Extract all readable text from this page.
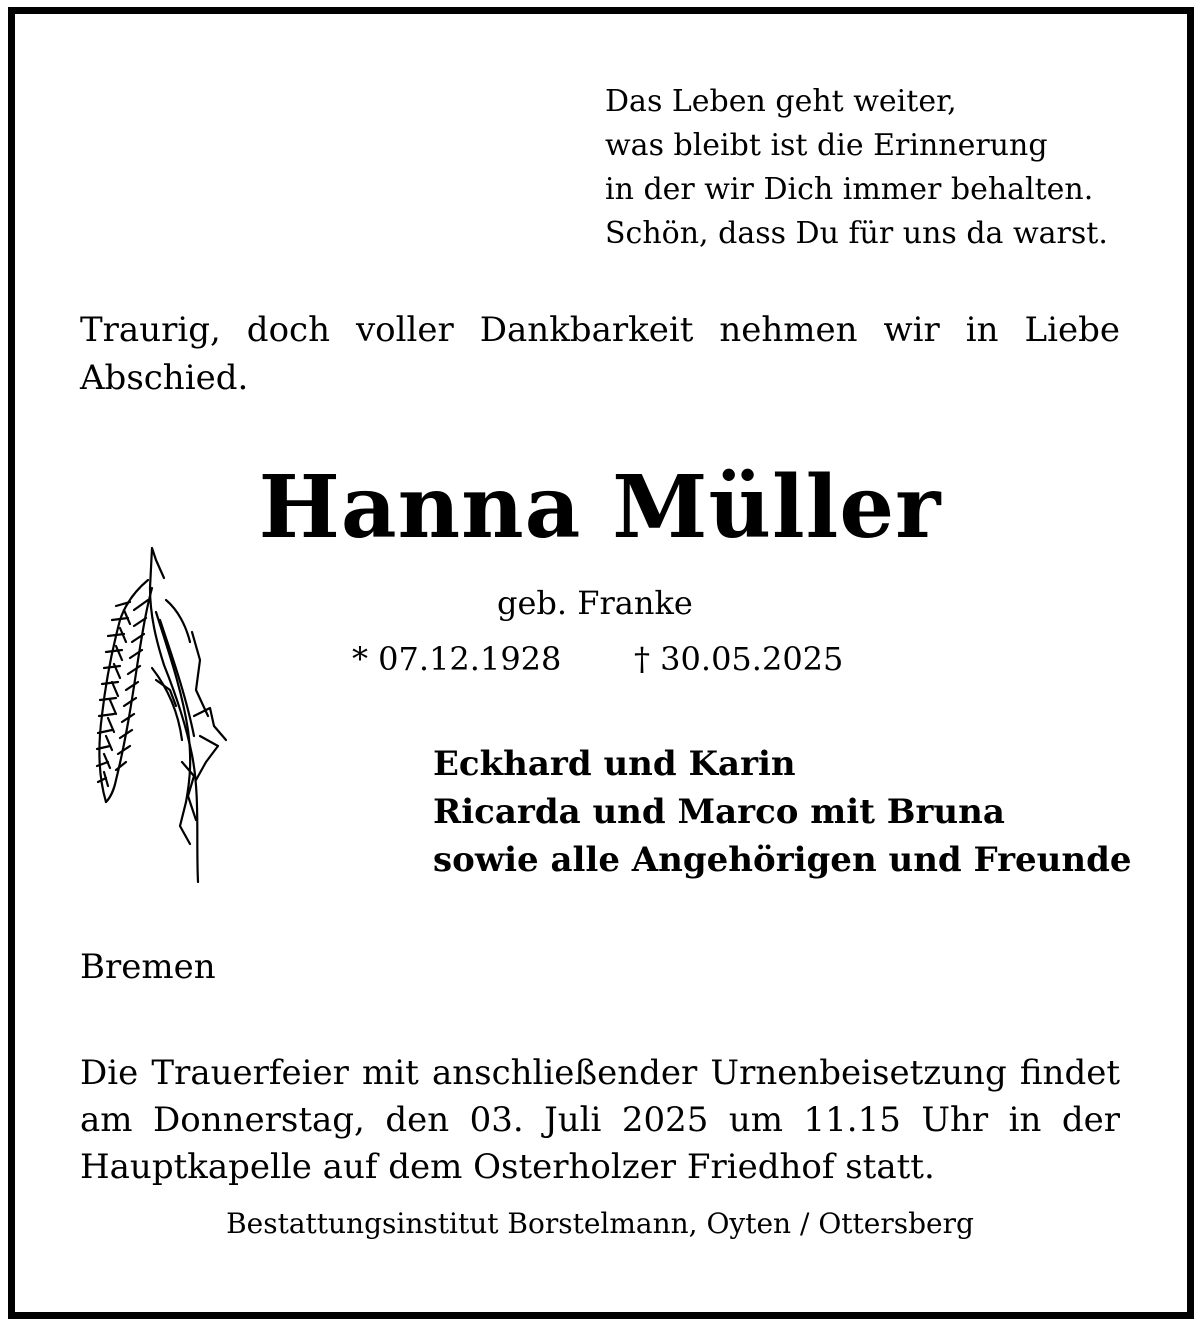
Das Leben geht weiter,
was bleibt ist die Erinnerung
in der wir Dich immer behalten.
Schön, dass Du für uns da warst.
Traurig, doch voller Dankbarkeit nehmen wir in Liebe Abschied.
Hanna Müller
geb. Franke
* 07.12.1928 † 30.05.2025
Eckhard und Karin
Ricarda und Marco mit Bruna
sowie alle Angehörigen und Freunde
Bremen
Die Trauerfeier mit anschließender Urnenbeisetzung findet
am Donnerstag, den 03. Juli 2025 um 11.15 Uhr in der
Hauptkapelle auf dem Osterholzer Friedhof statt.
Bestattungsinstitut Borstelmann, Oyten / Ottersberg
